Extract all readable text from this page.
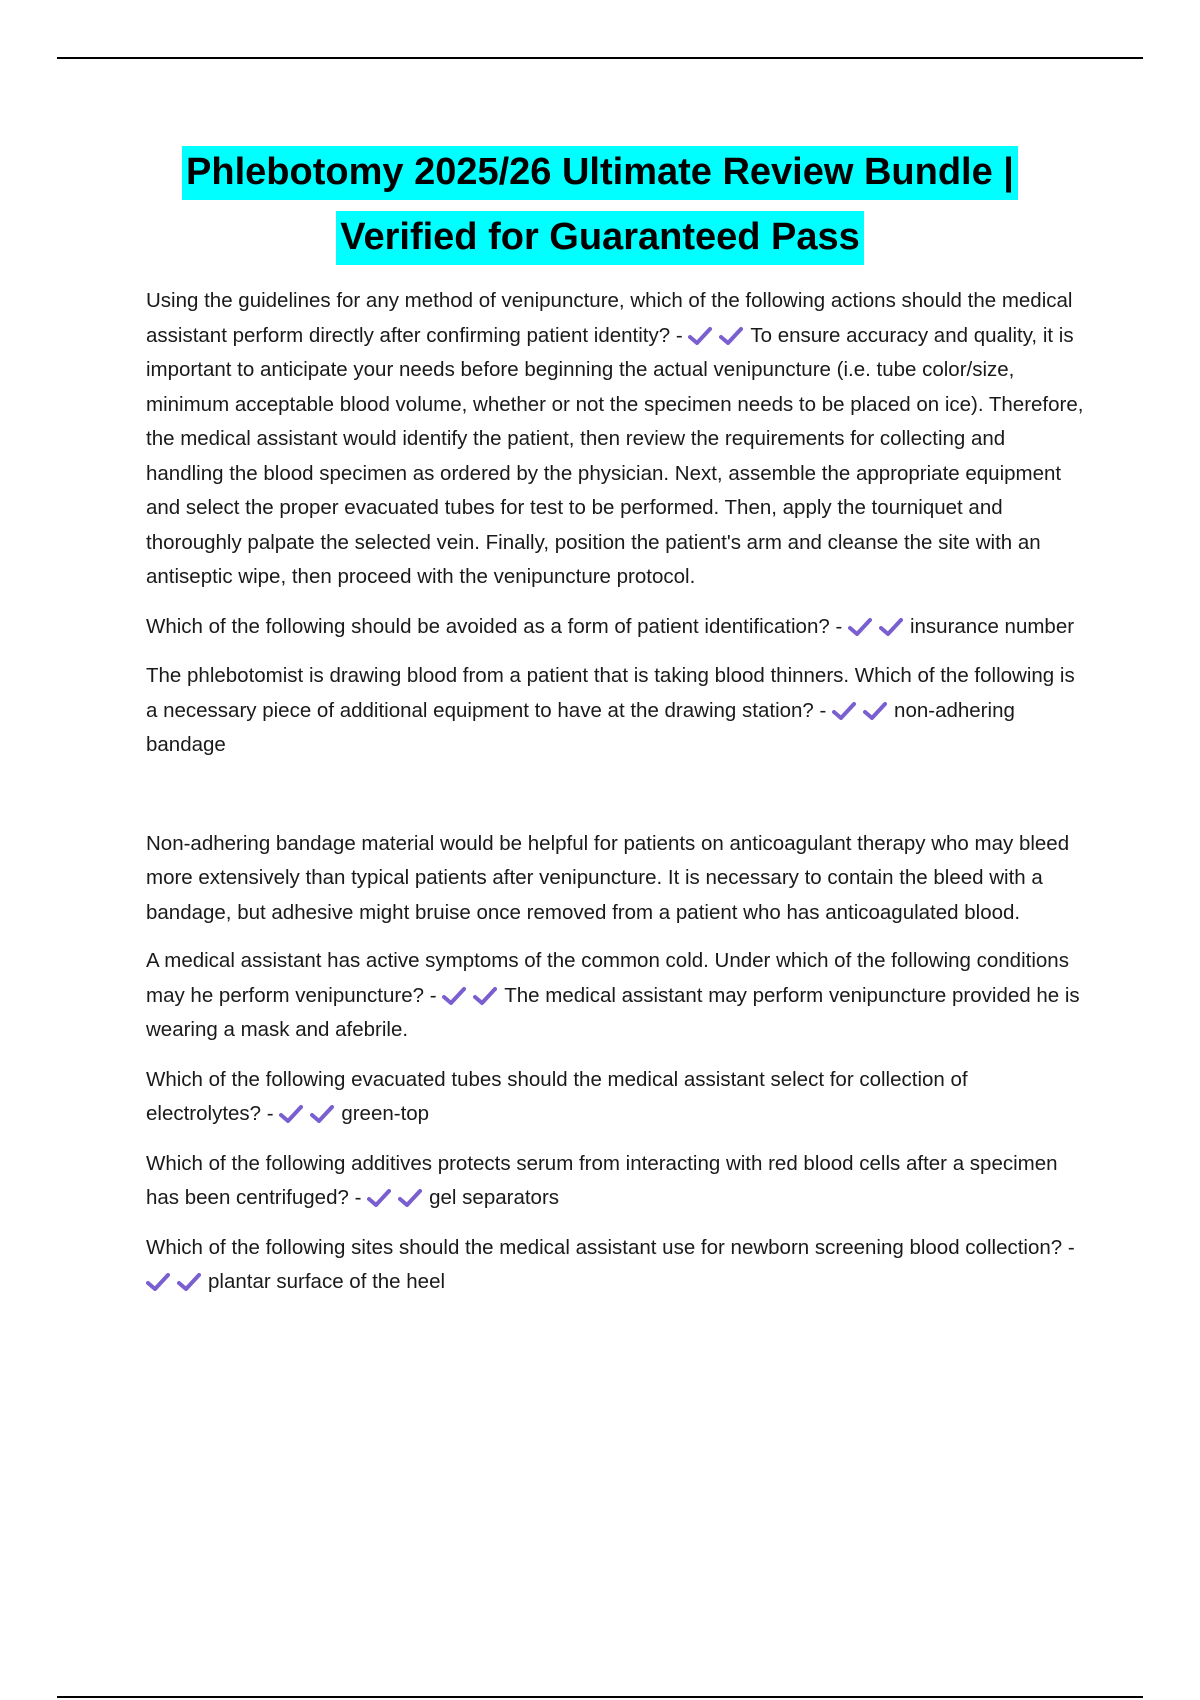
Phlebotomy 2025/26 Ultimate Review Bundle |
Verified for Guaranteed Pass

Using the guidelines for any method of venipuncture, which of the following actions should the medical assistant perform directly after confirming patient identity? -	To ensure accuracy and quality, it is important to anticipate your needs before beginning the actual venipuncture (i.e. tube color/size, minimum acceptable blood volume, whether or not the specimen needs to be placed on ice). Therefore, the medical assistant would identify the patient, then review the requirements for collecting and handling the blood specimen as ordered by the physician. Next, assemble the appropriate equipment and select the proper evacuated tubes for test to be performed. Then, apply the tourniquet and thoroughly palpate the selected vein. Finally, position the patient's arm and cleanse the site with an antiseptic wipe, then proceed with the venipuncture protocol.

Which of the following should be avoided as a form of patient identification? -	insurance number

The phlebotomist is drawing blood from a patient that is taking blood thinners. Which of the following is a necessary piece of additional equipment to have at the drawing station? -	non-adhering bandage

Non-adhering bandage material would be helpful for patients on anticoagulant therapy who may bleed more extensively than typical patients after venipuncture. It is necessary to contain the bleed with a bandage, but adhesive might bruise once removed from a patient who has anticoagulated blood.

A medical assistant has active symptoms of the common cold. Under which of the following conditions may he perform venipuncture? -	The medical assistant may perform venipuncture provided he is wearing a mask and afebrile.

Which of the following evacuated tubes should the medical assistant select for collection of electrolytes? -	green-top

Which of the following additives protects serum from interacting with red blood cells after a specimen has been centrifuged? -	gel separators

Which of the following sites should the medical assistant use for newborn screening blood collection? -
plantar surface of the heel
